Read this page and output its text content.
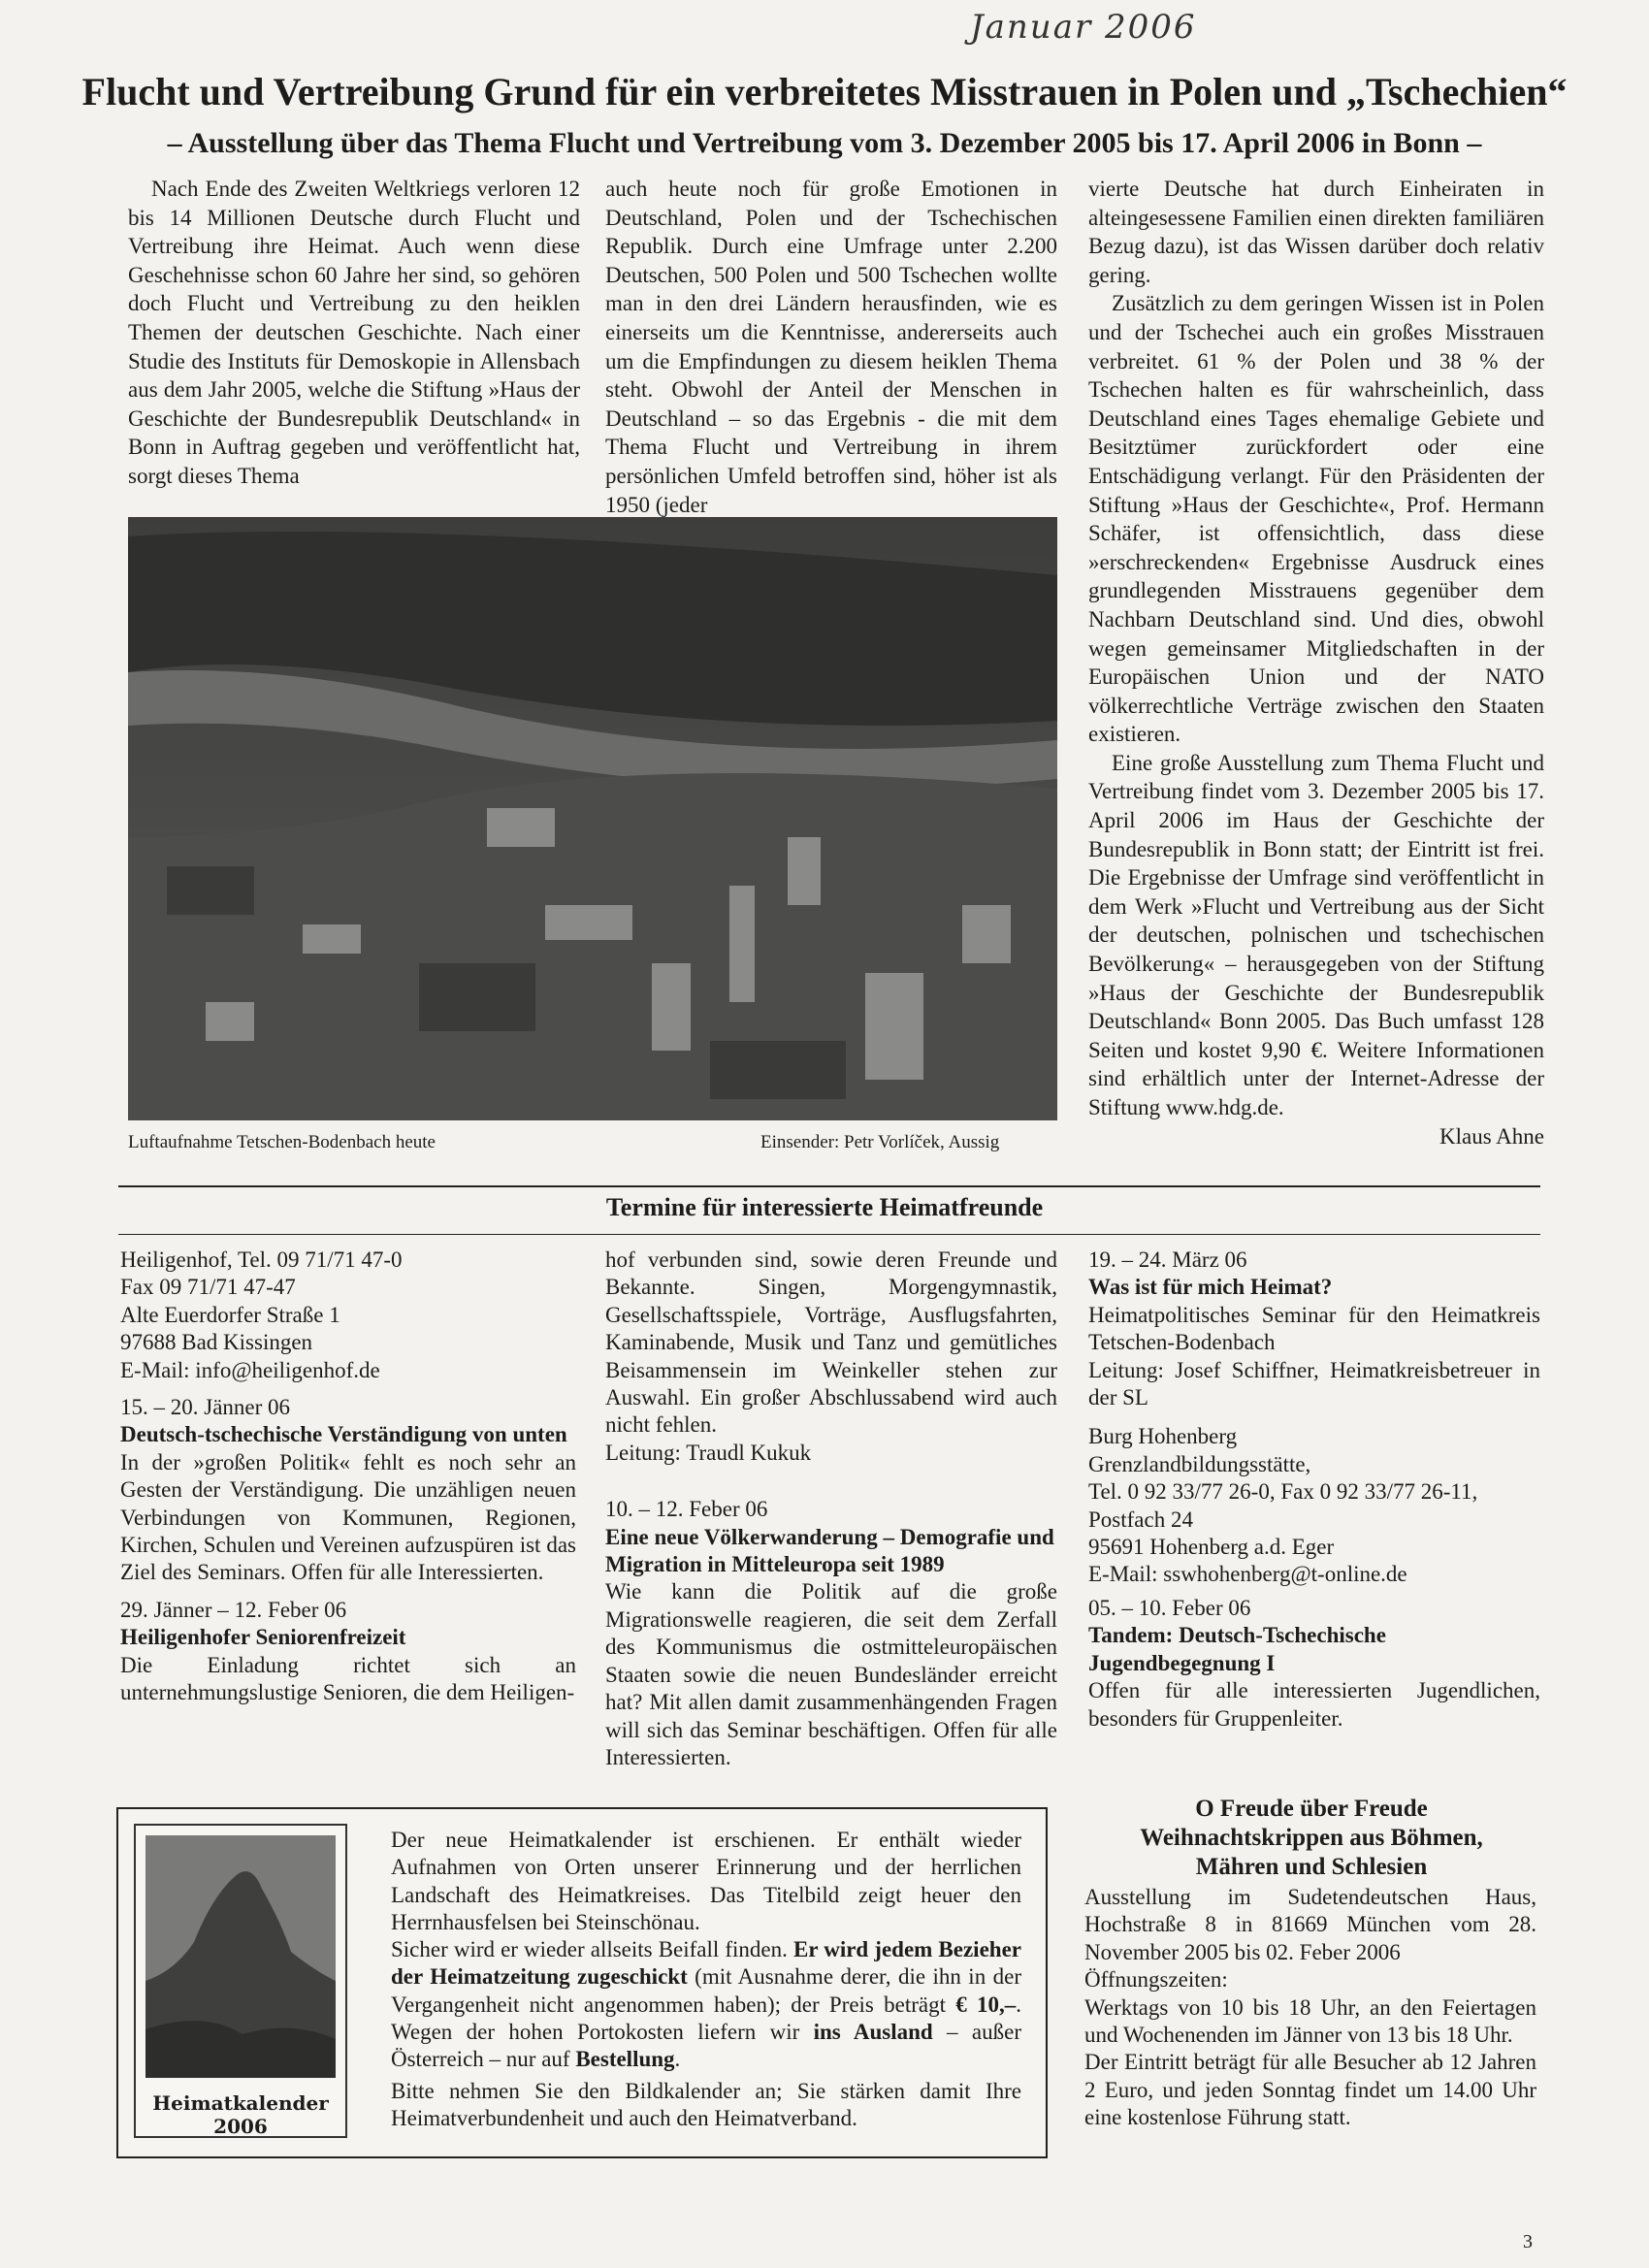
Januar 2006
Flucht und Vertreibung Grund für ein verbreitetes Misstrauen in Polen und „Tschechien“
– Ausstellung über das Thema Flucht und Vertreibung vom 3. Dezember 2005 bis 17. April 2006 in Bonn –

Nach Ende des Zweiten Weltkriegs verloren 12 bis 14 Millionen Deutsche durch Flucht und Vertreibung ihre Heimat. Auch wenn diese Geschehnisse schon 60 Jahre her sind, so gehören doch Flucht und Vertreibung zu den heiklen Themen der deutschen Geschichte. Nach einer Studie des Instituts für Demoskopie in Allensbach aus dem Jahr 2005, welche die Stiftung »Haus der Geschichte der Bundesrepublik Deutschland« in Bonn in Auftrag gegeben und veröffentlicht hat, sorgt dieses Thema

auch heute noch für große Emotionen in Deutschland, Polen und der Tschechischen Republik. Durch eine Umfrage unter 2.200 Deutschen, 500 Polen und 500 Tschechen wollte man in den drei Ländern herausfinden, wie es einerseits um die Kenntnisse, andererseits auch um die Empfindungen zu diesem heiklen Thema steht. Obwohl der Anteil der Menschen in Deutschland – so das Ergebnis - die mit dem Thema Flucht und Vertreibung in ihrem persönlichen Umfeld betroffen sind, höher ist als 1950 (jeder

vierte Deutsche hat durch Einheiraten in alteingesessene Familien einen direkten familiären Bezug dazu), ist das Wissen darüber doch relativ gering.

Zusätzlich zu dem geringen Wissen ist in Polen und der Tschechei auch ein großes Misstrauen verbreitet. 61 % der Polen und 38 % der Tschechen halten es für wahrscheinlich, dass Deutschland eines Tages ehemalige Gebiete und Besitztümer zurückfordert oder eine Entschädigung verlangt. Für den Präsidenten der Stiftung »Haus der Geschichte«, Prof. Hermann Schäfer, ist offensichtlich, dass diese »erschreckenden« Ergebnisse Ausdruck eines grundlegenden Misstrauens gegenüber dem Nachbarn Deutschland sind. Und dies, obwohl wegen gemeinsamer Mitgliedschaften in der Europäischen Union und der NATO völkerrechtliche Verträge zwischen den Staaten existieren.

Eine große Ausstellung zum Thema Flucht und Vertreibung findet vom 3. Dezember 2005 bis 17. April 2006 im Haus der Geschichte der Bundesrepublik in Bonn statt; der Eintritt ist frei. Die Ergebnisse der Umfrage sind veröffentlicht in dem Werk »Flucht und Vertreibung aus der Sicht der deutschen, polnischen und tschechischen Bevölkerung« – herausgegeben von der Stiftung »Haus der Geschichte der Bundesrepublik Deutschland« Bonn 2005. Das Buch umfasst 128 Seiten und kostet 9,90 €. Weitere Informationen sind erhältlich unter der Internet-Adresse der Stiftung www.hdg.de.

Klaus Ahne
Luftaufnahme Tetschen-Bodenbach heute	Einsender: Petr Vorlíček, Aussig
Termine für interessierte Heimatfreunde
Heiligenhof, Tel. 09 71/71 47-0
Fax 09 71/71 47-47
Alte Euerdorfer Straße 1
97688 Bad Kissingen
E-Mail: info@heiligenhof.de
15. – 20. Jänner 06

Deutsch-tschechische Verständigung von unten

In der »großen Politik« fehlt es noch sehr an Gesten der Verständigung. Die unzähligen neuen Verbindungen von Kommunen, Regionen, Kirchen, Schulen und Vereinen aufzuspüren ist das Ziel des Seminars. Offen für alle Interessierten.

29. Jänner – 12. Feber 06

Heiligenhofer Seniorenfreizeit

Die Einladung richtet sich an unternehmungslustige Senioren, die dem Heiligen-

hof verbunden sind, sowie deren Freunde und Bekannte. Singen, Morgengymnastik, Gesellschaftsspiele, Vorträge, Ausflugsfahrten, Kaminabende, Musik und Tanz und gemütliches Beisammensein im Weinkeller stehen zur Auswahl. Ein großer Abschlussabend wird auch nicht fehlen.

Leitung: Traudl Kukuk
10. – 12. Feber 06

Eine neue Völkerwanderung – Demografie und Migration in Mitteleuropa seit 1989

Wie kann die Politik auf die große Migrationswelle reagieren, die seit dem Zerfall des Kommunismus die ostmitteleuropäischen Staaten sowie die neuen Bundesländer erreicht hat? Mit allen damit zusammenhängenden Fragen will sich das Seminar beschäftigen. Offen für alle Interessierten.

19. – 24. März 06
Was ist für mich Heimat?

Heimatpolitisches Seminar für den Heimatkreis Tetschen-Bodenbach

Leitung: Josef Schiffner, Heimatkreisbetreuer in der SL

Burg Hohenberg
Grenzlandbildungsstätte,
Tel. 0 92 33/77 26-0, Fax 0 92 33/77 26-11,
Postfach 24
95691 Hohenberg a.d. Eger
E-Mail: sswhohenberg@t-online.de
05. – 10. Feber 06

Tandem: Deutsch-Tschechische Jugendbegegnung I

Offen für alle interessierten Jugendlichen, besonders für Gruppenleiter.

Heimatkalender 2006

Der neue Heimatkalender ist erschienen. Er enthält wieder Aufnahmen von Orten unserer Erinnerung und der herrlichen Landschaft des Heimatkreises. Das Titelbild zeigt heuer den Herrnhausfelsen bei Steinschönau.

Sicher wird er wieder allseits Beifall finden. Er wird jedem Bezieher der Heimatzeitung zugeschickt (mit Ausnahme derer, die ihn in der Vergangenheit nicht angenommen haben); der Preis beträgt € 10,–. Wegen der hohen Portokosten liefern wir ins Ausland – außer Österreich – nur auf Bestellung.

Bitte nehmen Sie den Bildkalender an; Sie stärken damit Ihre Heimatverbundenheit und auch den Heimatverband.

O Freude über Freude
Weihnachtskrippen aus Böhmen,
Mähren und Schlesien

Ausstellung im Sudetendeutschen Haus, Hochstraße 8 in 81669 München vom 28. November 2005 bis 02. Feber 2006

Öffnungszeiten:

Werktags von 10 bis 18 Uhr, an den Feiertagen und Wochenenden im Jänner von 13 bis 18 Uhr.

Der Eintritt beträgt für alle Besucher ab 12 Jahren 2 Euro, und jeden Sonntag findet um 14.00 Uhr eine kostenlose Führung statt.

3
